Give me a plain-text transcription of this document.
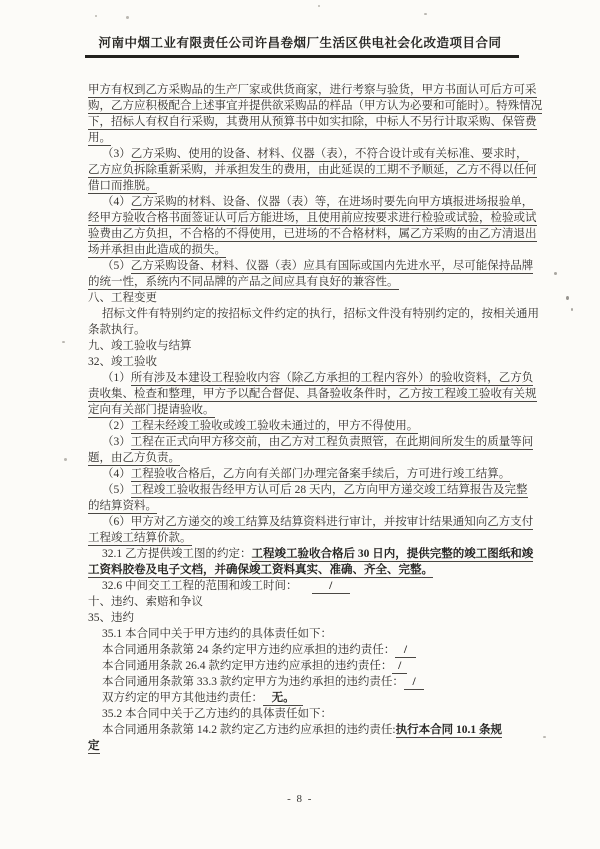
河南中烟工业有限责任公司许昌卷烟厂生活区供电社会化改造项目合同
甲方有权到乙方采购品的生产厂家或供货商家，进行考察与验货，甲方书面认可后方可采
购，乙方应积极配合上述事宜并提供欲采购品的样品（甲方认为必要和可能时）。特殊情况
下，招标人有权自行采购，其费用从预算书中如实扣除，中标人不另行计取采购、保管费
用。
（3）乙方采购、使用的设备、材料、仪器（表），不符合设计或有关标准、要求时，
乙方应负拆除重新采购，并承担发生的费用，由此延误的工期不予顺延，乙方不得以任何
借口而推脱。
（4）乙方采购的材料、设备、仪器（表）等，在进场时要先向甲方填报进场报验单，
经甲方验收合格书面签证认可后方能进场，且使用前应按要求进行检验或试验，检验或试
验费由乙方负担，不合格的不得使用，已进场的不合格材料，属乙方采购的由乙方清退出
场并承担由此造成的损失。
（5）乙方采购设备、材料、仪器（表）应具有国际或国内先进水平，尽可能保持品牌
的统一性，系统内不同品牌的产品之间应具有良好的兼容性。
八、工程变更
招标文件有特别约定的按招标文件约定的执行，招标文件没有特别约定的，按相关通用
条款执行。
九、竣工验收与结算
32、竣工验收
（1）所有涉及本建设工程验收内容（除乙方承担的工程内容外）的验收资料，乙方负
责收集、检查和整理，甲方予以配合督促、具备验收条件时，乙方按工程竣工验收有关规
定向有关部门提请验收。
（2）工程未经竣工验收或竣工验收未通过的，甲方不得使用。
（3）工程在正式向甲方移交前，由乙方对工程负责照管，在此期间所发生的质量等问
题，由乙方负责。
（4）工程验收合格后，乙方向有关部门办理完备案手续后，方可进行竣工结算。
（5）工程竣工验收报告经甲方认可后 28 天内，乙方向甲方递交竣工结算报告及完整
的结算资料。
（6）甲方对乙方递交的竣工结算及结算资料进行审计，并按审计结果通知向乙方支付
工程竣工结算价款。
32.1 乙方提供竣工图的约定：工程竣工验收合格后 30 日内，提供完整的竣工图纸和竣
工资料胶卷及电子文档，并确保竣工资料真实、准确、齐全、完整。
32.6 中间交工工程的范围和竣工时间：           /
十、违约、索赔和争议
35、违约
35.1 本合同中关于甲方违约的具体责任如下：
本合同通用条款第 24 条约定甲方违约应承担的违约责任：   /
本合同通用条款 26.4 款约定甲方违约应承担的违约责任：  /
本合同通用条款第 33.3 款约定甲方为违约承担的违约责任：   /
双方约定的甲方其他违约责任：   无。
35.2 本合同中关于乙方违约的具体责任如下：
本合同通用条款第 14.2 款约定乙方违约应承担的违约责任:执行本合同 10.1 条规
定
- 8 -
